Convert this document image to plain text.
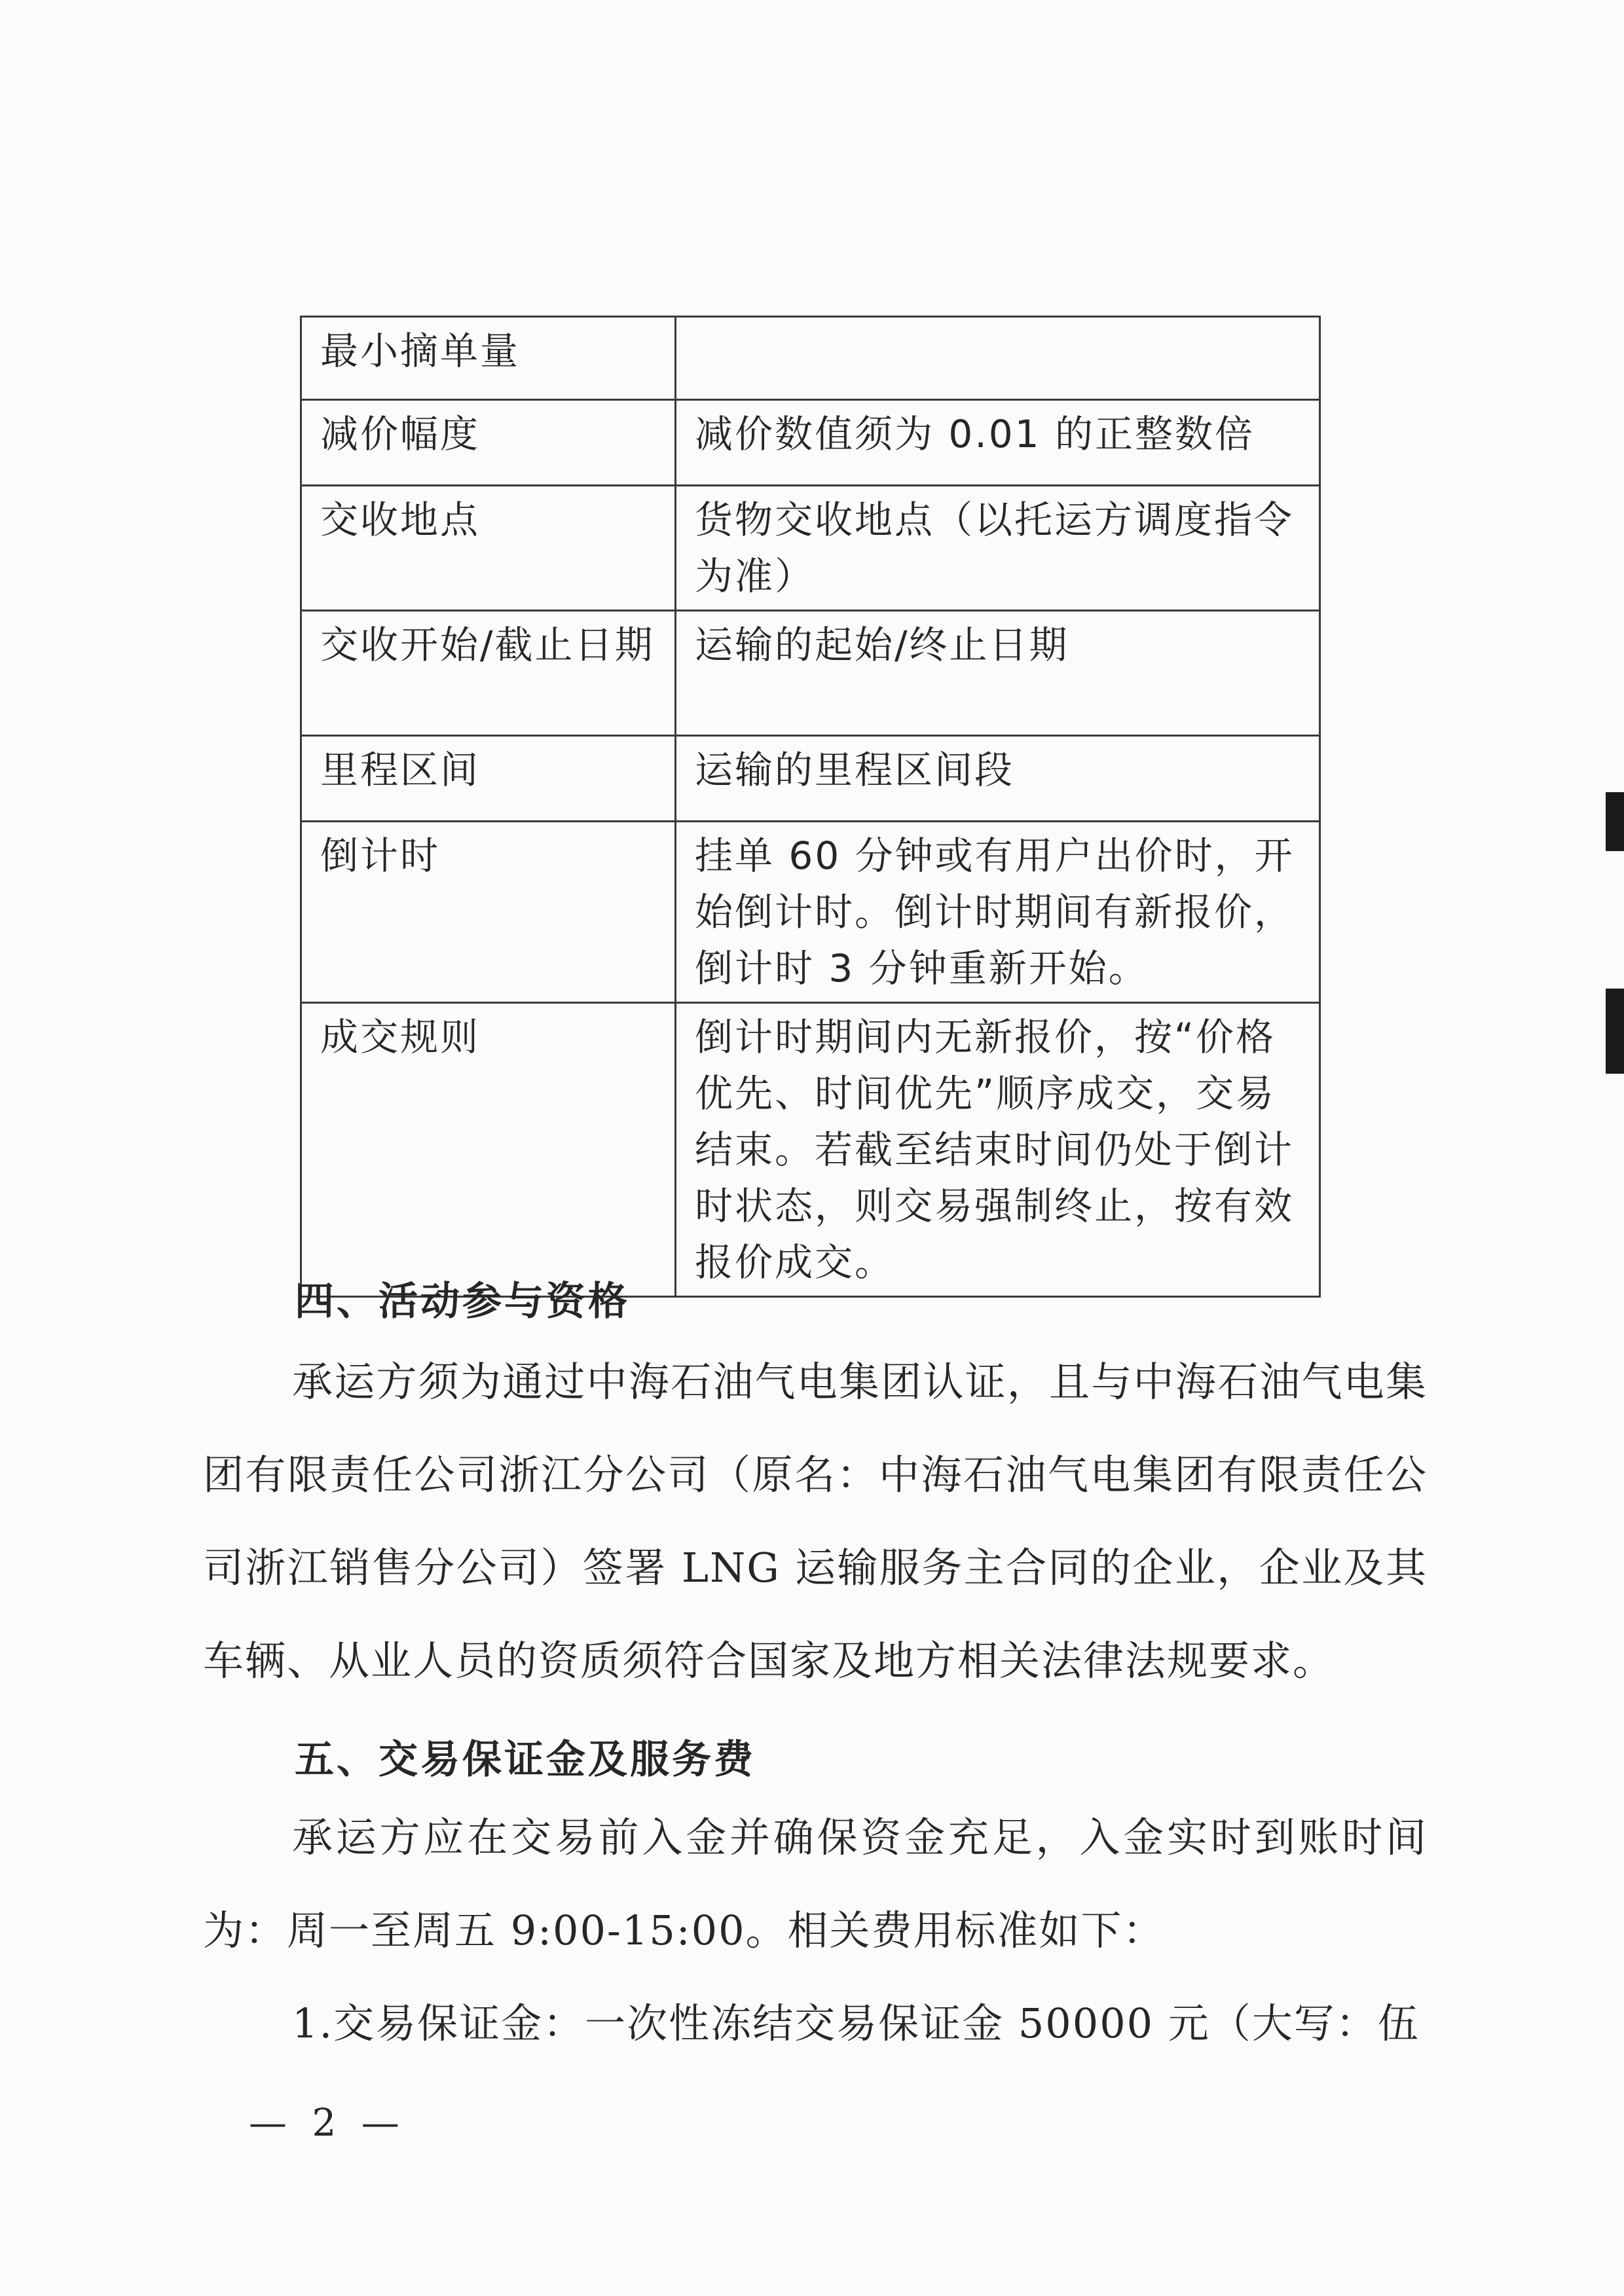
最小摘单量	
减价幅度	减价数值须为 0.01 的正整数倍
交收地点	货物交收地点（以托运方调度指令为准）
交收开始/截止日期	运输的起始/终止日期
里程区间	运输的里程区间段
倒计时	挂单 60 分钟或有用户出价时，开始倒计时。倒计时期间有新报价，倒计时 3 分钟重新开始。
成交规则	倒计时期间内无新报价，按“价格优先、时间优先”顺序成交，交易结束。若截至结束时间仍处于倒计时状态，则交易强制终止，按有效报价成交。
四、活动参与资格

承运方须为通过中海石油气电集团认证，且与中海石油气电集团有限责任公司浙江分公司（原名：中海石油气电集团有限责任公司浙江销售分公司）签署 LNG 运输服务主合同的企业，企业及其车辆、从业人员的资质须符合国家及地方相关法律法规要求。

五、交易保证金及服务费

承运方应在交易前入金并确保资金充足，入金实时到账时间为：周一至周五 9:00-15:00。相关费用标准如下：

1.交易保证金：一次性冻结交易保证金 50000 元（大写：伍

— 2 —
